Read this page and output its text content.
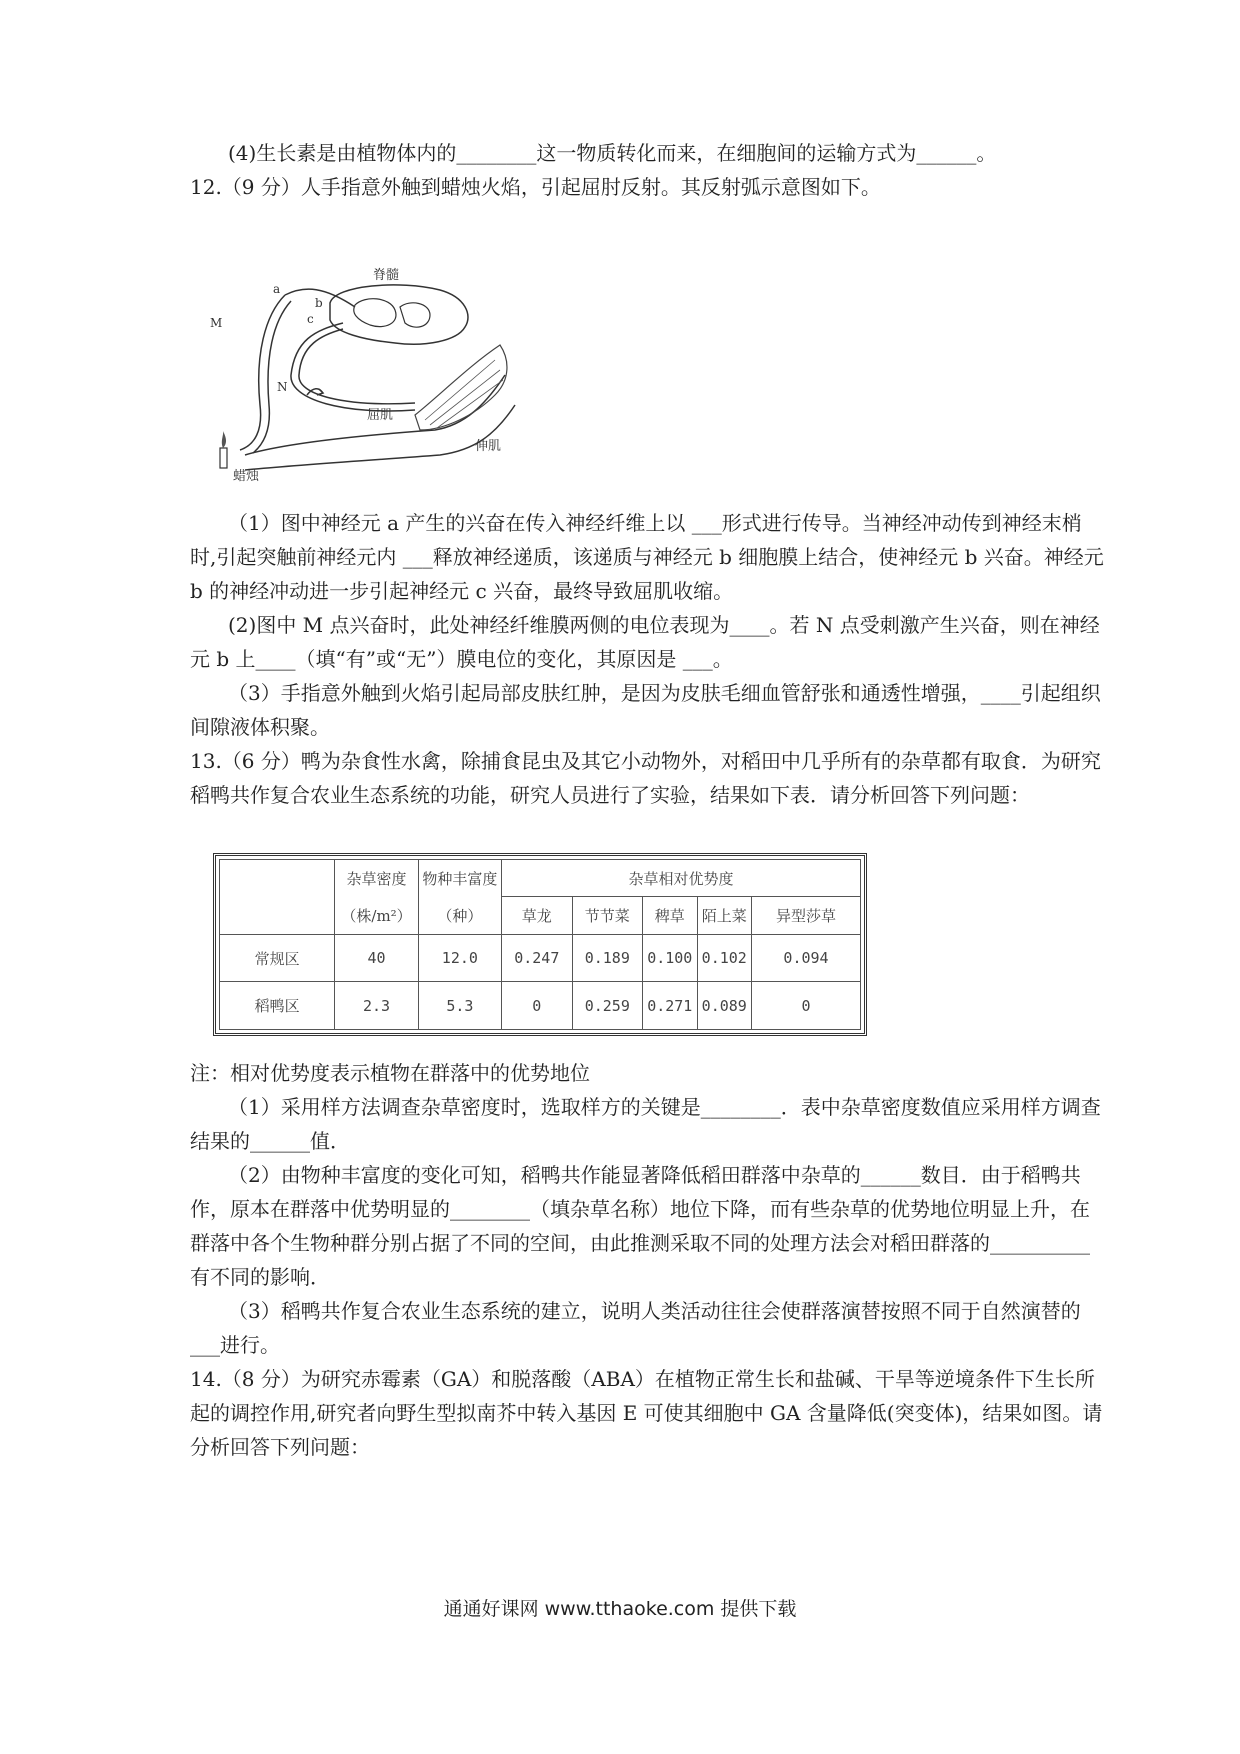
(4)生长素是由植物体内的________这一物质转化而来，在细胞间的运输方式为______。

12.（9 分）人手指意外触到蜡烛火焰，引起屈肘反射。其反射弧示意图如下。

脊髓
a
b
c
M
N
屈肌
伸肌
蜡烛

（1）图中神经元 a 产生的兴奋在传入神经纤维上以 ___形式进行传导。当神经冲动传到神经末梢时,引起突触前神经元内 ___释放神经递质，该递质与神经元 b 细胞膜上结合，使神经元 b 兴奋。神经元 b 的神经冲动进一步引起神经元 c 兴奋，最终导致屈肌收缩。

(2)图中 M 点兴奋时，此处神经纤维膜两侧的电位表现为____。若 N 点受刺激产生兴奋，则在神经元 b 上____（填“有”或“无”）膜电位的变化，其原因是 ___。

（3）手指意外触到火焰引起局部皮肤红肿，是因为皮肤毛细血管舒张和通透性增强，____引起组织间隙液体积聚。

13.（6 分）鸭为杂食性水禽，除捕食昆虫及其它小动物外，对稻田中几乎所有的杂草都有取食．为研究稻鸭共作复合农业生态系统的功能，研究人员进行了实验，结果如下表．请分析回答下列问题：

	杂草密度	物种丰富度	杂草相对优势度				
	（株/m²）	（种）	草龙	节节菜	稗草	陌上菜	异型莎草
常规区	40	12.0	0.247	0.189	0.100	0.102	0.094
稻鸭区	2.3	5.3	0	0.259	0.271	0.089	0

注：相对优势度表示植物在群落中的优势地位

（1）采用样方法调查杂草密度时，选取样方的关键是________．表中杂草密度数值应采用样方调查结果的______值．

（2）由物种丰富度的变化可知，稻鸭共作能显著降低稻田群落中杂草的______数目．由于稻鸭共作，原本在群落中优势明显的________（填杂草名称）地位下降，而有些杂草的优势地位明显上升，在群落中各个生物种群分别占据了不同的空间，由此推测采取不同的处理方法会对稻田群落的__________有不同的影响．

（3）稻鸭共作复合农业生态系统的建立，说明人类活动往往会使群落演替按照不同于自然演替的 ___进行。

14.（8 分）为研究赤霉素（GA）和脱落酸（ABA）在植物正常生长和盐碱、干旱等逆境条件下生长所起的调控作用,研究者向野生型拟南芥中转入基因 E 可使其细胞中 GA 含量降低(突变体)，结果如图。请分析回答下列问题：

通通好课网 www.tthaoke.com 提供下载
